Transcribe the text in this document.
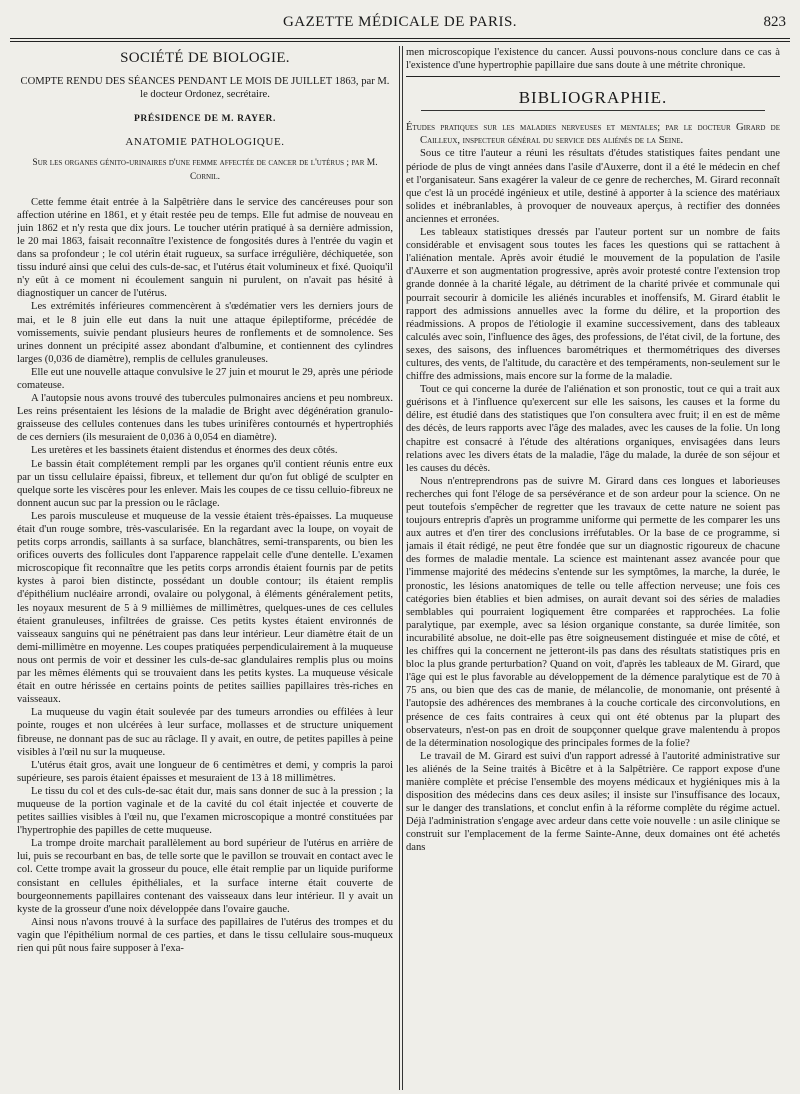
GAZETTE MÉDICALE DE PARIS.	823

SOCIÉTÉ DE BIOLOGIE.

COMPTE RENDU DES SÉANCES PENDANT LE MOIS DE JUILLET 1863, par M. le docteur Ordonez, secrétaire.

PRÉSIDENCE DE M. RAYER.

ANATOMIE PATHOLOGIQUE.

Sur les organes génito-urinaires d'une femme affectée de cancer de l'utérus ; par M. Cornil.

Cette femme était entrée à la Salpêtrière dans le service des cancéreuses pour son affection utérine en 1861, et y était restée peu de temps. Elle fut admise de nouveau en juin 1862 et n'y resta que dix jours. Le toucher utérin pratiqué à sa dernière admission, le 20 mai 1863, faisait reconnaître l'existence de fongosités dures à l'entrée du vagin et dans sa profondeur ; le col utérin était rugueux, sa surface irrégulière, déchiquetée, son tissu induré ainsi que celui des culs-de-sac, et l'utérus était volumineux et fixé. Quoiqu'il n'y eût à ce moment ni écoulement sanguin ni purulent, on n'avait pas hésité à diagnostiquer un cancer de l'utérus.

Les extrémités inférieures commencèrent à s'œdématier vers les derniers jours de mai, et le 8 juin elle eut dans la nuit une attaque épileptiforme, précédée de vomissements, suivie pendant plusieurs heures de ronflements et de somnolence. Ses urines donnent un précipité assez abondant d'albumine, et contiennent des cylindres larges (0,036 de diamètre), remplis de cellules granuleuses.

Elle eut une nouvelle attaque convulsive le 27 juin et mourut le 29, après une période comateuse.

A l'autopsie nous avons trouvé des tubercules pulmonaires anciens et peu nombreux. Les reins présentaient les lésions de la maladie de Bright avec dégénération granulo-graisseuse des cellules contenues dans les tubes urinifères contournés et hypertrophiés de ces derniers (ils mesuraient de 0,036 à 0,054 en diamètre).

Les uretères et les bassinets étaient distendus et énormes des deux côtés.

Le bassin était complétement rempli par les organes qu'il contient réunis entre eux par un tissu cellulaire épaissi, fibreux, et tellement dur qu'on fut obligé de sculpter en quelque sorte les viscères pour les enlever. Mais les coupes de ce tissu celluio-fibreux ne donnent aucun suc par la pression ou le râclage.

Les parois musculeuse et muqueuse de la vessie étaient très-épaisses. La muqueuse était d'un rouge sombre, très-vascularisée. En la regardant avec la loupe, on voyait de petits corps arrondis, saillants à sa surface, blanchâtres, semi-transparents, ou bien les orifices ouverts des follicules dont l'apparence rappelait celle d'une dentelle. L'examen microscopique fit reconnaître que les petits corps arrondis étaient fournis par de petits kystes à paroi bien distincte, possédant un double contour; ils étaient remplis d'épithélium nucléaire arrondi, ovalaire ou polygonal, à éléments généralement petits, les noyaux mesurent de 5 à 9 millièmes de millimètres, quelques-unes de ces cellules étaient granuleuses, infiltrées de graisse. Ces petits kystes étaient environnés de vaisseaux sanguins qui ne pénétraient pas dans leur intérieur. Leur diamètre était de un demi-millimètre en moyenne. Les coupes pratiquées perpendiculairement à la muqueuse nous ont permis de voir et dessiner les culs-de-sac glandulaires remplis plus ou moins par les mêmes éléments qui se trouvaient dans les petits kystes. La muqueuse vésicale était en outre hérissée en certains points de petites saillies papillaires très-riches en vaisseaux.

La muqueuse du vagin était soulevée par des tumeurs arrondies ou effilées à leur pointe, rouges et non ulcérées à leur surface, mollasses et de structure uniquement fibreuse, ne donnant pas de suc au râclage. Il y avait, en outre, de petites papilles à peine visibles à l'œil nu sur la muqueuse.

L'utérus était gros, avait une longueur de 6 centimètres et demi, y compris la paroi supérieure, ses parois étaient épaisses et mesuraient de 13 à 18 millimètres.

Le tissu du col et des culs-de-sac était dur, mais sans donner de suc à la pression ; la muqueuse de la portion vaginale et de la cavité du col était injectée et couverte de petites saillies visibles à l'œil nu, que l'examen microscopique a montré constituées par l'hypertrophie des papilles de cette muqueuse.

La trompe droite marchait parallèlement au bord supérieur de l'utérus en arrière de lui, puis se recourbant en bas, de telle sorte que le pavillon se trouvait en contact avec le col. Cette trompe avait la grosseur du pouce, elle était remplie par un liquide puriforme consistant en cellules épithéliales, et la surface interne était couverte de bourgeonnements papillaires contenant des vaisseaux dans leur intérieur. Il y avait un kyste de la grosseur d'une noix développée dans l'ovaire gauche.

Ainsi nous n'avons trouvé à la surface des papillaires de l'utérus des trompes et du vagin que l'épithélium normal de ces parties, et dans le tissu cellulaire sous-muqueux rien qui pût nous faire supposer à l'exa-

men microscopique l'existence du cancer. Aussi pouvons-nous conclure dans ce cas à l'existence d'une hypertrophie papillaire due sans doute à une métrite chronique.

BIBLIOGRAPHIE.

Études pratiques sur les maladies nerveuses et mentales; par le docteur Girard de Cailleux, inspecteur général du service des aliénés de la Seine.

Sous ce titre l'auteur a réuni les résultats d'études statistiques faites pendant une période de plus de vingt années dans l'asile d'Auxerre, dont il a été le médecin en chef et l'organisateur. Sans exagérer la valeur de ce genre de recherches, M. Girard reconnaît que c'est là un procédé ingénieux et utile, destiné à apporter à la science des matériaux solides et inébranlables, à provoquer de nouveaux aperçus, à rectifier des données anciennes et erronées.

Les tableaux statistiques dressés par l'auteur portent sur un nombre de faits considérable et envisagent sous toutes les faces les questions qui se rattachent à l'aliénation mentale. Après avoir étudié le mouvement de la population de l'asile d'Auxerre et son augmentation progressive, après avoir protesté contre l'extension trop grande donnée à la charité légale, au détriment de la charité privée et communale qui pourrait secourir à domicile les aliénés incurables et inoffensifs, M. Girard établit le rapport des admissions annuelles avec la forme du délire, et la proportion des réadmissions. A propos de l'étiologie il examine successivement, dans des tableaux calculés avec soin, l'influence des âges, des professions, de l'état civil, de la fortune, des sexes, des saisons, des influences barométriques et thermométriques des diverses cultures, des vents, de l'altitude, du caractère et des tempéraments, non-seulement sur le chiffre des admissions, mais encore sur la forme de la maladie.

Tout ce qui concerne la durée de l'aliénation et son pronostic, tout ce qui a trait aux guérisons et à l'influence qu'exercent sur elle les saisons, les causes et la forme du délire, est étudié dans des statistiques que l'on consultera avec fruit; il en est de même des décès, de leurs rapports avec l'âge des malades, avec les causes de la folie. Un long chapitre est consacré à l'étude des altérations organiques, envisagées dans leurs relations avec les divers états de la maladie, l'âge du malade, la durée de son séjour et les causes du décès.

Nous n'entreprendrons pas de suivre M. Girard dans ces longues et laborieuses recherches qui font l'éloge de sa persévérance et de son ardeur pour la science. On ne peut toutefois s'empêcher de regretter que les travaux de cette nature ne soient pas toujours entrepris d'après un programme uniforme qui permette de les comparer les uns aux autres et d'en tirer des conclusions irréfutables. Or la base de ce programme, si jamais il était rédigé, ne peut être fondée que sur un diagnostic rigoureux de chacune des formes de maladie mentale. La science est maintenant assez avancée pour que l'immense majorité des médecins s'entende sur les symptômes, la marche, la durée, le pronostic, les lésions anatomiques de telle ou telle affection nerveuse; une fois ces catégories bien établies et bien admises, on aurait devant soi des séries de maladies semblables qui pourraient logiquement être comparées et rapprochées. La folie paralytique, par exemple, avec sa lésion organique constante, sa durée limitée, son incurabilité absolue, ne doit-elle pas être soigneusement distinguée et mise de côté, et les chiffres qui la concernent ne jetteront-ils pas dans des résultats statistiques pris en bloc la plus grande perturbation? Quand on voit, d'après les tableaux de M. Girard, que l'âge qui est le plus favorable au développement de la démence paralytique est de 70 à 75 ans, ou bien que des cas de manie, de mélancolie, de monomanie, ont présenté à l'autopsie des adhérences des membranes à la couche corticale des circonvolutions, en présence de ces faits contraires à ceux qui ont été obtenus par la plupart des observateurs, n'est-on pas en droit de soupçonner quelque grave malentendu à propos de la détermination nosologique des principales formes de la folie?

Le travail de M. Girard est suivi d'un rapport adressé à l'autorité administrative sur les aliénés de la Seine traités à Bicêtre et à la Salpêtrière. Ce rapport expose d'une manière complète et précise l'ensemble des moyens médicaux et hygiéniques mis à la disposition des médecins dans ces deux asiles; il insiste sur l'insuffisance des locaux, sur le danger des translations, et conclut enfin à la réforme complète du régime actuel. Déjà l'administration s'engage avec ardeur dans cette voie nouvelle : un asile clinique se construit sur l'emplacement de la ferme Sainte-Anne, deux domaines ont été achetés dans
